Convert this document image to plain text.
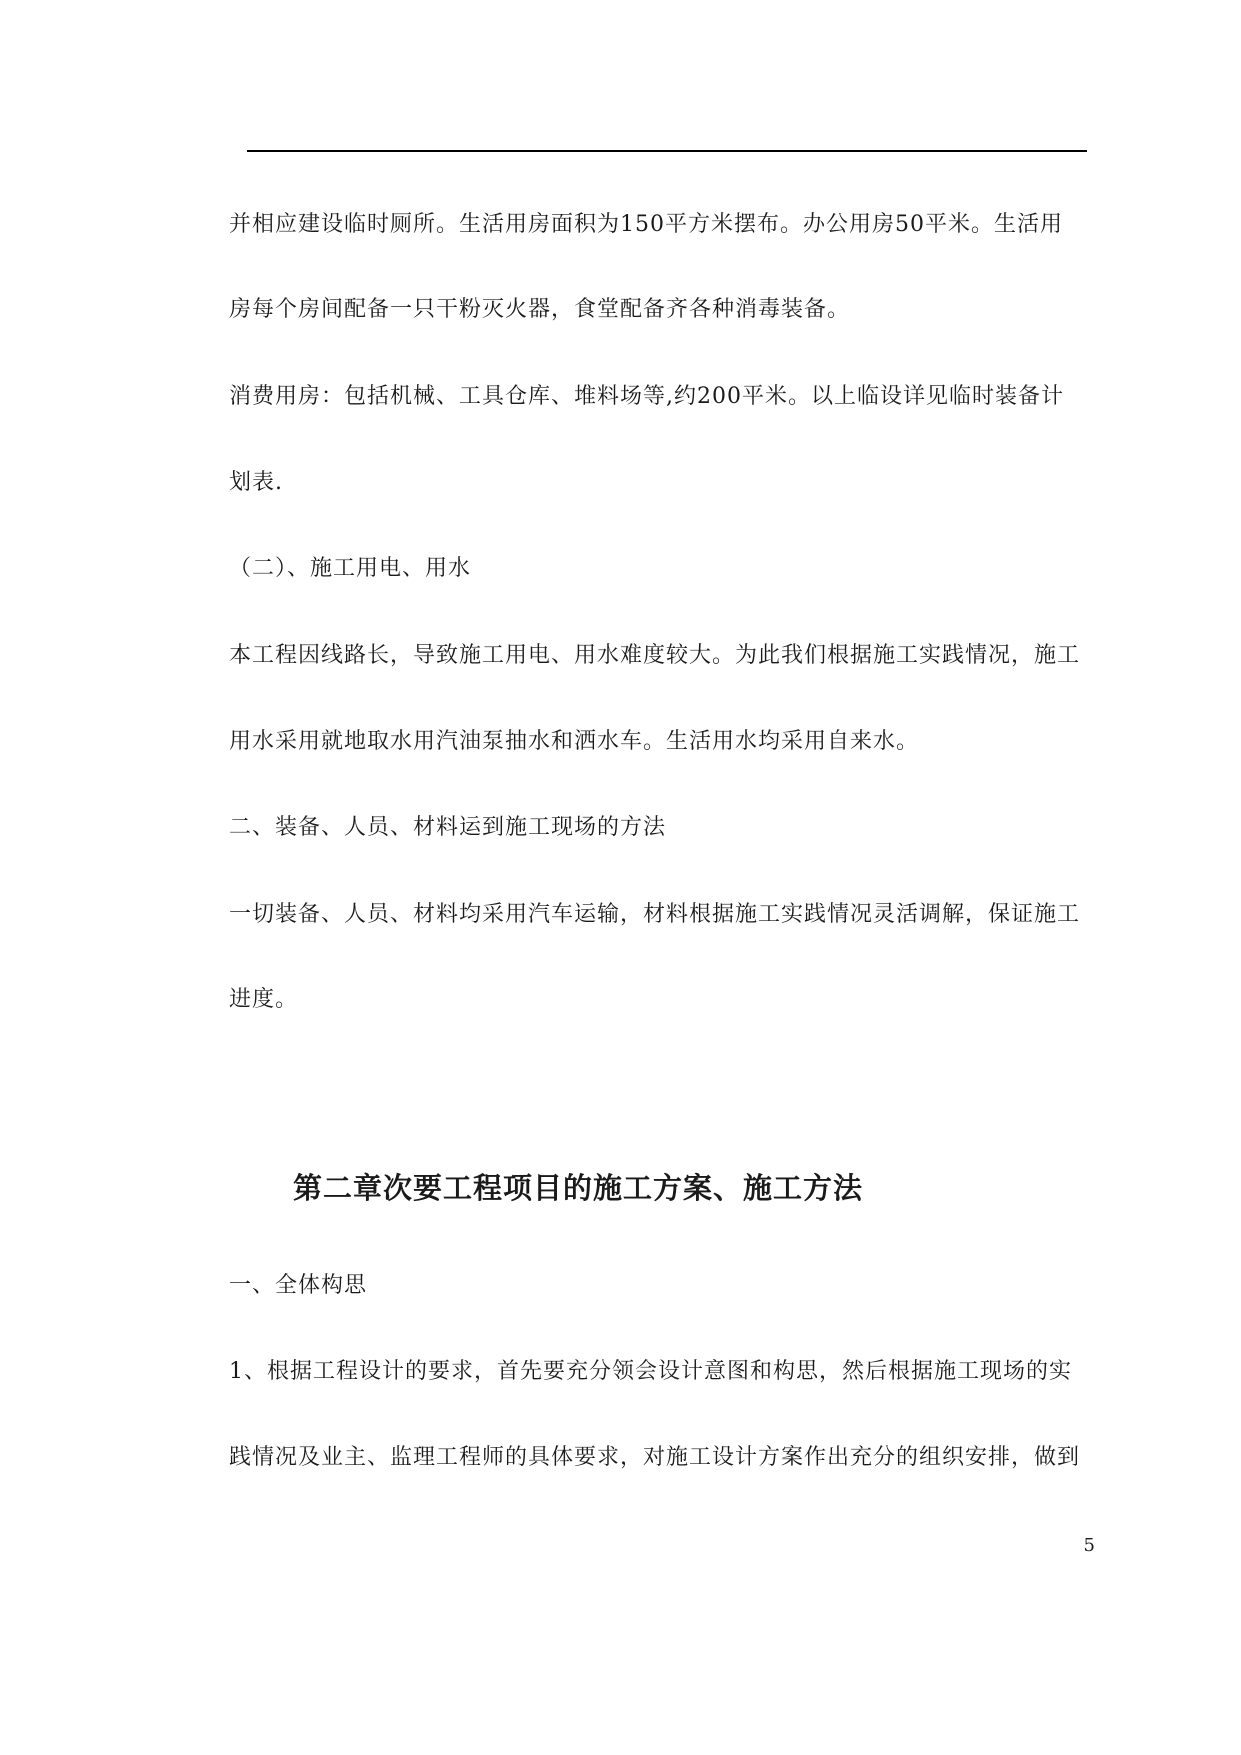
并相应建设临时厕所。生活用房面积为150平方米摆布。办公用房50平米。生活用
房每个房间配备一只干粉灭火器，食堂配备齐各种消毒装备。
消费用房：包括机械、工具仓库、堆料场等,约200平米。以上临设详见临时装备计
划表.
（二）、施工用电、用水
本工程因线路长，导致施工用电、用水难度较大。为此我们根据施工实践情况，施工
用水采用就地取水用汽油泵抽水和洒水车。生活用水均采用自来水。
二、装备、人员、材料运到施工现场的方法
一切装备、人员、材料均采用汽车运输，材料根据施工实践情况灵活调解，保证施工
进度。
第二章次要工程项目的施工方案、施工方法
一、全体构思
1、根据工程设计的要求，首先要充分领会设计意图和构思，然后根据施工现场的实
践情况及业主、监理工程师的具体要求，对施工设计方案作出充分的组织安排，做到
5
